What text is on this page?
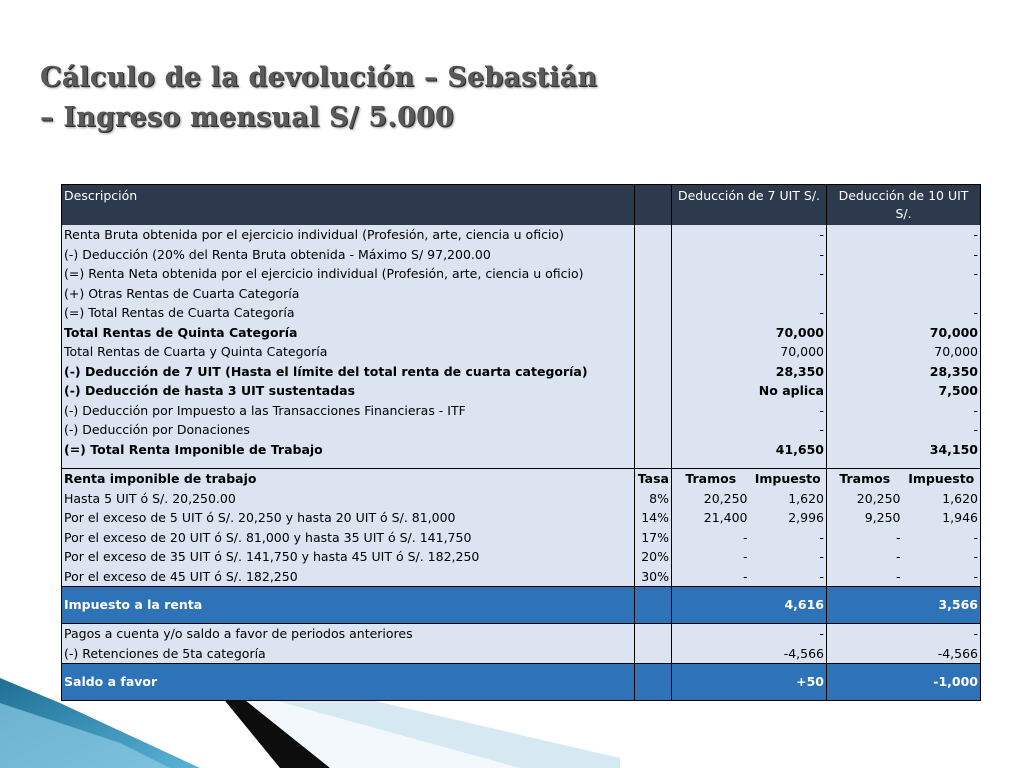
Cálculo de la devolución – Sebastián
– Ingreso mensual S/ 5.000
Descripción		Deducción de 7 UIT S/.		Deducción de 10 UIT S/.	
Renta Bruta obtenida por el ejercicio individual (Profesión, arte, ciencia u oficio)		-		-	
(-) Deducción (20% del Renta Bruta obtenida - Máximo S/ 97,200.00		-		-	
(=) Renta Neta obtenida por el ejercicio individual (Profesión, arte, ciencia u oficio)		-		-	
(+) Otras Rentas de Cuarta Categoría					
(=) Total Rentas de Cuarta Categoría		-		-	
Total Rentas de Quinta Categoría		70,000		70,000	
Total Rentas de Cuarta y Quinta Categoría		70,000		70,000	
(-) Deducción de 7 UIT (Hasta el límite del total renta de cuarta categoría)		28,350		28,350	
(-) Deducción de hasta 3 UIT sustentadas		No aplica		7,500	
(-) Deducción por Impuesto a las Transacciones Financieras - ITF		-		-	
(-) Deducción por Donaciones		-		-	
(=) Total Renta Imponible de Trabajo		41,650		34,150	

Renta imponible de trabajo	Tasa	Tramos	Impuesto	Tramos	Impuesto
Hasta 5 UIT ó S/. 20,250.00	8%	20,250	1,620	20,250	1,620
Por el exceso de 5 UIT ó S/. 20,250 y hasta 20 UIT ó S/. 81,000	14%	21,400	2,996	9,250	1,946
Por el exceso de 20 UIT ó S/. 81,000 y hasta 35 UIT ó S/. 141,750	17%	-	-	-	-
Por el exceso de 35 UIT ó S/. 141,750 y hasta 45 UIT ó S/. 182,250	20%	-	-	-	-
Por el exceso de 45 UIT ó S/. 182,250	30%	-	-	-	-
Impuesto a la renta		4,616		3,566	
Pagos a cuenta y/o saldo a favor de periodos anteriores		-		-	
(-) Retenciones de 5ta categoría		-4,566		-4,566	
Saldo a favor		+50		-1,000	
